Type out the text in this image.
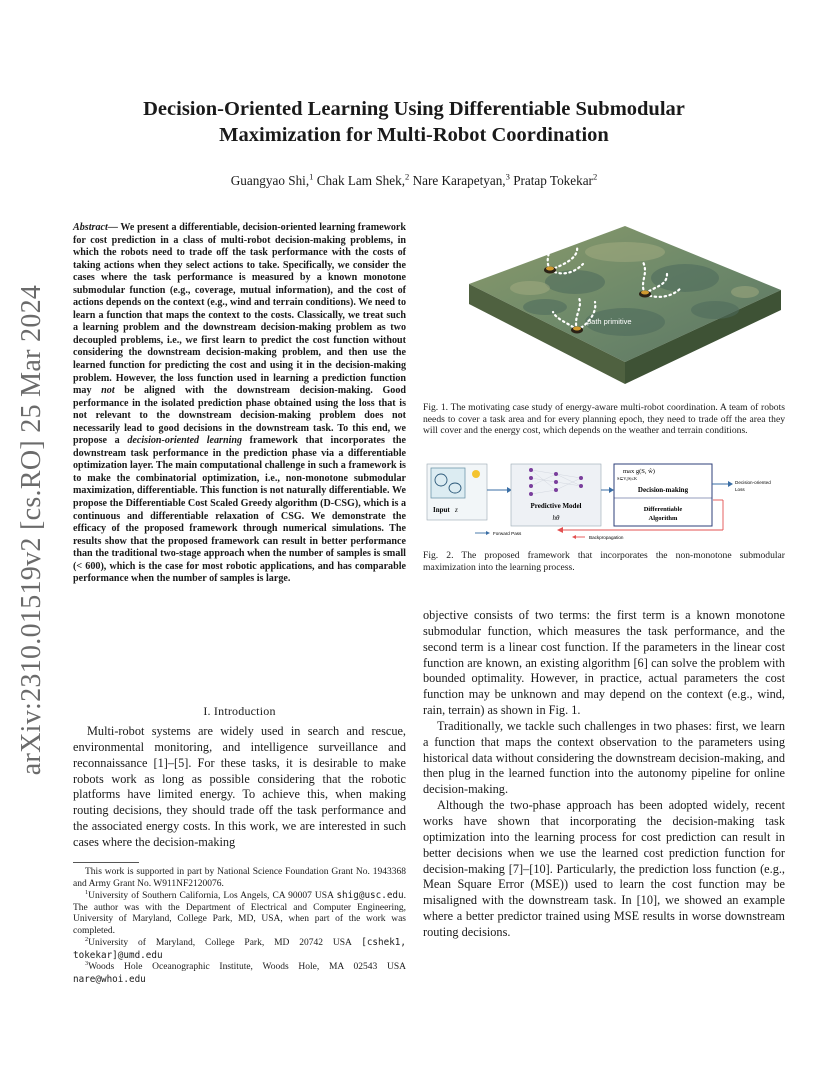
arXiv:2310.01519v2 [cs.RO] 25 Mar 2024
Decision-Oriented Learning Using Differentiable Submodular Maximization for Multi-Robot Coordination
Guangyao Shi,$^1$ Chak Lam Shek,$^2$ Nare Karapetyan,$^3$ Pratap Tokekar$^2$
Abstract— We present a differentiable, decision-oriented learning framework for cost prediction in a class of multi-robot decision-making problems, in which the robots need to trade off the task performance with the costs of taking actions when they select actions to take. Specifically, we consider the cases where the task performance is measured by a known monotone submodular function (e.g., coverage, mutual information), and the cost of actions depends on the context (e.g., wind and terrain conditions). We need to learn a function that maps the context to the costs. Classically, we treat such a learning problem and the downstream decision-making problem as two decoupled problems, i.e., we first learn to predict the cost function without considering the downstream decision-making problem, and then use the learned function for predicting the cost and using it in the decision-making problem. However, the loss function used in learning a prediction function may not be aligned with the downstream decision-making. Good performance in the isolated prediction phase obtained using the loss that is not relevant to the downstream decision-making problem does not necessarily lead to good decisions in the downstream task. To this end, we propose a decision-oriented learning framework that incorporates the downstream task performance in the prediction phase via a differentiable optimization layer. The main computational challenge in such a framework is to make the combinatorial optimization, i.e., non-monotone submodular maximization, differentiable. This function is not naturally differentiable. We propose the Differentiable Cost Scaled Greedy algorithm (D-CSG), which is a continuous and differentiable relaxation of CSG. We demonstrate the efficacy of the proposed framework through numerical simulations. The results show that the proposed framework can result in better performance than the traditional two-stage approach when the number of samples is small (< 600), which is the case for most robotic applications, and has comparable performance when the number of samples is large.
I. Introduction

Multi-robot systems are widely used in search and rescue, environmental monitoring, and intelligence surveillance and reconnaissance [1]–[5]. For these tasks, it is desirable to make robots work as long as possible considering that the robotic platforms have limited energy. To achieve this, when making routing decisions, they should trade off the task performance and the associated energy costs. In this work, we are interested in such cases where the decision-making

This work is supported in part by National Science Foundation Grant No. 1943368 and Army Grant No. W911NF2120076.

$^1$University of Southern California, Los Angels, CA 90007 USA shig@usc.edu. The author was with the Department of Electrical and Computer Engineering, University of Maryland, College Park, MD, USA, when part of the work was completed.

$^2$University of Maryland, College Park, MD 20742 USA [cshek1, tokekar]@umd.edu

$^3$Woods Hole Oceanographic Institute, Woods Hole, MA 02543 USA nare@whoi.edu

path primitive
Fig. 1. The motivating case study of energy-aware multi-robot coordination. A team of robots needs to cover a task area and for every planning epoch, they need to trade off the area they will cover and the energy cost, which depends on the weather and terrain conditions.
Input z	Predictive Model
hθ
max g(S, ŵ)
S⊆V,|S|≤K
Decision-making
Differentiable
Algorithm
Decision-oriented
Loss
Forward Pass
Backpropagation
Fig. 2. The proposed framework that incorporates the non-monotone submodular maximization into the learning process.

objective consists of two terms: the first term is a known monotone submodular function, which measures the task performance, and the second term is a linear cost function. If the parameters in the linear cost function are known, an existing algorithm [6] can solve the problem with bounded optimality. However, in practice, actual parameters the cost function may be unknown and may depend on the context (e.g., wind, rain, terrain) as shown in Fig. 1.

Traditionally, we tackle such challenges in two phases: first, we learn a function that maps the context observation to the parameters using historical data without considering the downstream decision-making, and then plug in the learned function into the autonomy pipeline for online decision-making.

Although the two-phase approach has been adopted widely, recent works have shown that incorporating the decision-making task optimization into the learning process for cost prediction can result in better decisions when we use the learned cost prediction function for decision-making [7]–[10]. Particularly, the prediction loss function (e.g., Mean Square Error (MSE)) used to learn the cost function may be misaligned with the downstream task. In [10], we showed an example where a better predictor trained using MSE results in worse downstream routing decisions.
